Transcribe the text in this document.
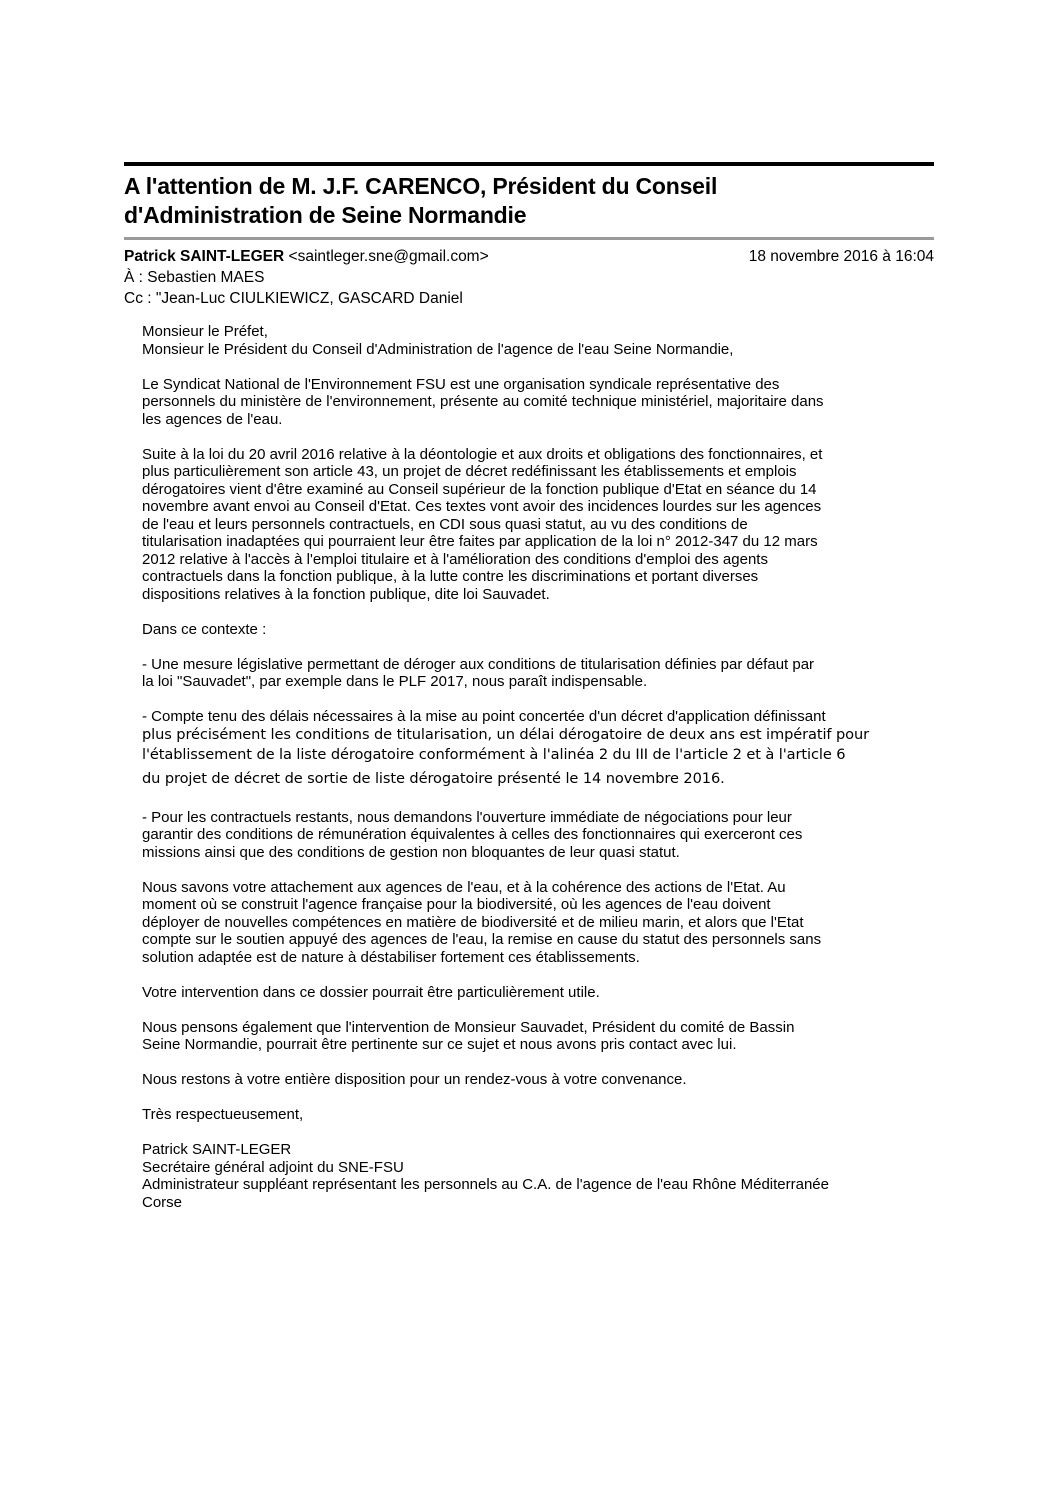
A l'attention de M. J.F. CARENCO, Président du Conseil
d'Administration de Seine Normandie
Patrick SAINT-LEGER <saintleger.sne@gmail.com>	18 novembre 2016 à 16:04
À : Sebastien MAES
Cc : "Jean-Luc CIULKIEWICZ, GASCARD Daniel
Monsieur le Préfet,
Monsieur le Président du Conseil d'Administration de l'agence de l'eau Seine Normandie,
Le Syndicat National de l'Environnement FSU est une organisation syndicale représentative des
personnels du ministère de l'environnement, présente au comité technique ministériel, majoritaire dans
les agences de l'eau.
Suite à la loi du 20 avril 2016 relative à la déontologie et aux droits et obligations des fonctionnaires, et
plus particulièrement son article 43, un projet de décret redéfinissant les établissements et emplois
dérogatoires vient d'être examiné au Conseil supérieur de la fonction publique d'Etat en séance du 14
novembre avant envoi au Conseil d'Etat. Ces textes vont avoir des incidences lourdes sur les agences
de l'eau et leurs personnels contractuels, en CDI sous quasi statut, au vu des conditions de
titularisation inadaptées qui pourraient leur être faites par application de la loi n° 2012-347 du 12 mars
2012 relative à l'accès à l'emploi titulaire et à l'amélioration des conditions d'emploi des agents
contractuels dans la fonction publique, à la lutte contre les discriminations et portant diverses
dispositions relatives à la fonction publique, dite loi Sauvadet.
Dans ce contexte :
- Une mesure législative permettant de déroger aux conditions de titularisation définies par défaut par
la loi "Sauvadet", par exemple dans le PLF 2017, nous paraît indispensable.
- Compte tenu des délais nécessaires à la mise au point concertée d'un décret d'application définissant
plus précisément les conditions de titularisation, un délai dérogatoire de deux ans est impératif pour
l'établissement de la liste dérogatoire conformément à l'alinéa 2 du III de l'article 2 et à l'article 6
du projet de décret de sortie de liste dérogatoire présenté le 14 novembre 2016.
- Pour les contractuels restants, nous demandons l'ouverture immédiate de négociations pour leur
garantir des conditions de rémunération équivalentes à celles des fonctionnaires qui exerceront ces
missions ainsi que des conditions de gestion non bloquantes de leur quasi statut.
Nous savons votre attachement aux agences de l'eau, et à la cohérence des actions de l'Etat. Au
moment où se construit l'agence française pour la biodiversité, où les agences de l'eau doivent
déployer de nouvelles compétences en matière de biodiversité et de milieu marin, et alors que l'Etat
compte sur le soutien appuyé des agences de l'eau, la remise en cause du statut des personnels sans
solution adaptée est de nature à déstabiliser fortement ces établissements.
Votre intervention dans ce dossier pourrait être particulièrement utile.
Nous pensons également que l'intervention de Monsieur Sauvadet, Président du comité de Bassin
Seine Normandie, pourrait être pertinente sur ce sujet et nous avons pris contact avec lui.
Nous restons à votre entière disposition pour un rendez-vous à votre convenance.
Très respectueusement,
Patrick SAINT-LEGER
Secrétaire général adjoint du SNE-FSU
Administrateur suppléant représentant les personnels au C.A. de l'agence de l'eau Rhône Méditerranée
Corse
